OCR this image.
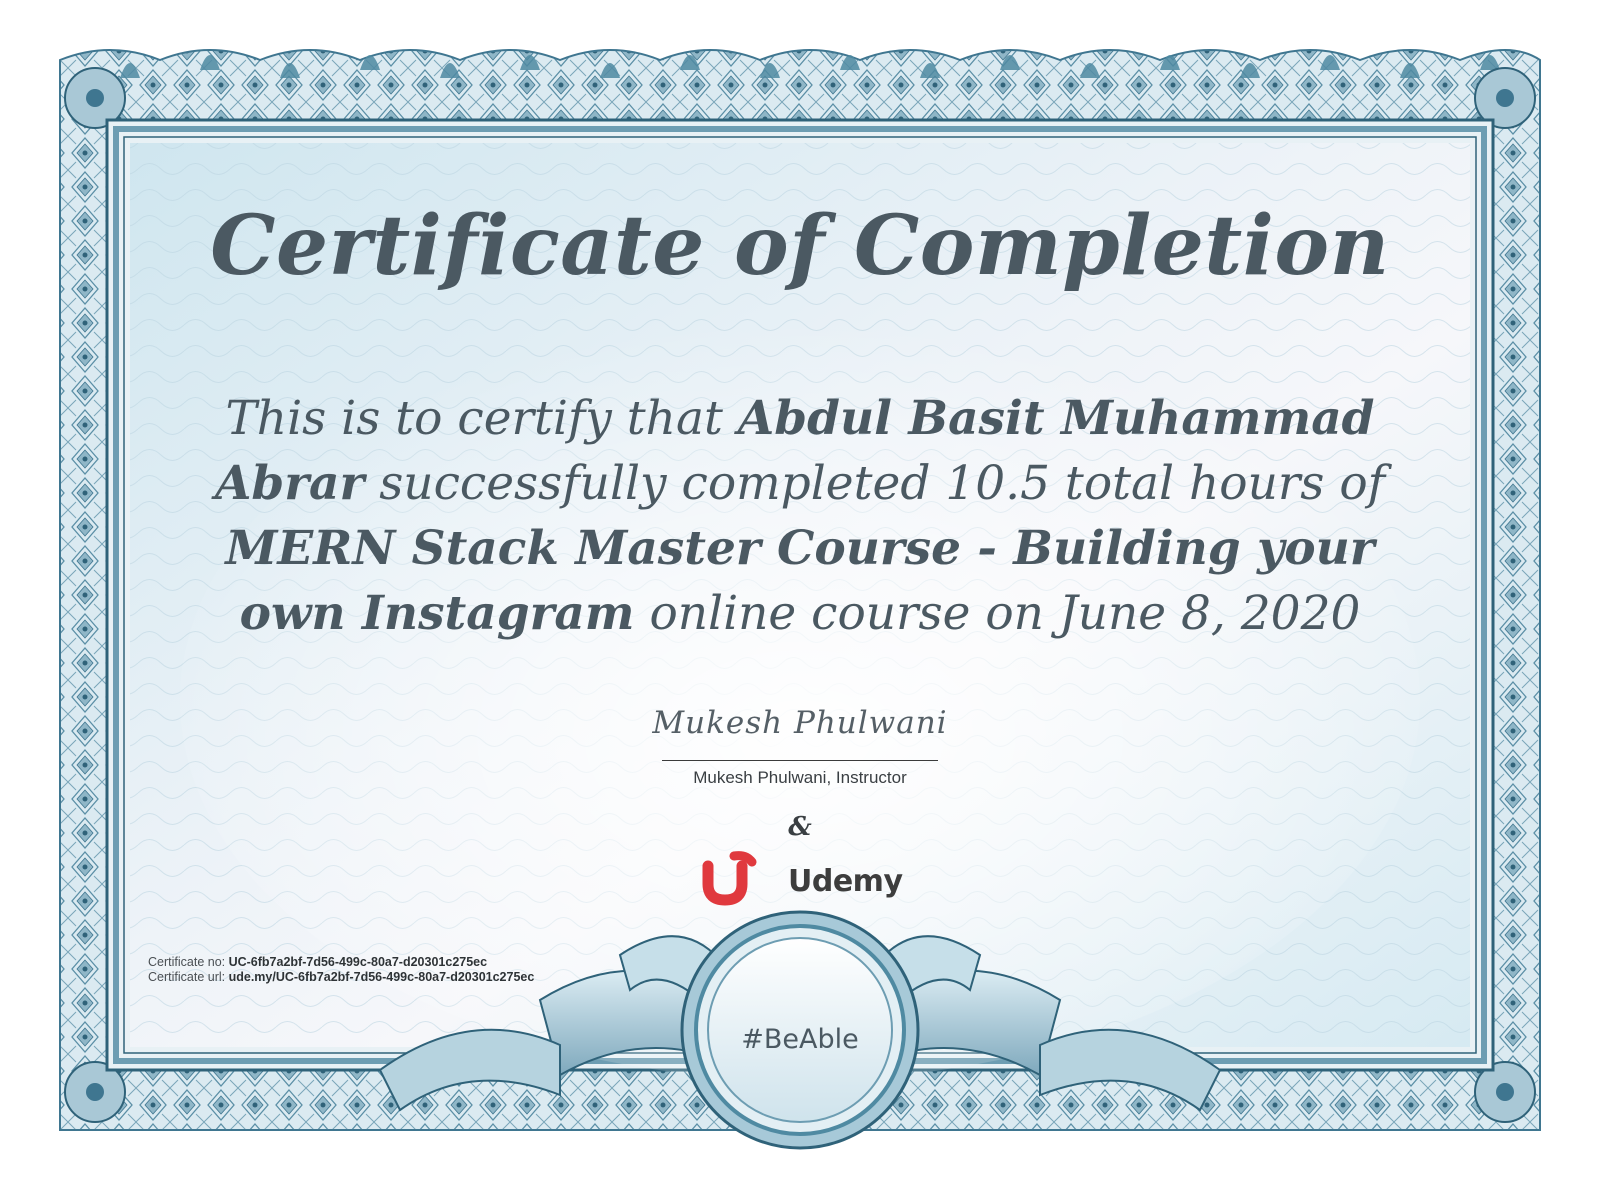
Certificate of Completion

This is to certify that Abdul Basit Muhammad Abrar successfully completed 10.5 total hours of MERN Stack Master Course - Building your own Instagram online course on June 8, 2020

Mukesh Phulwani
Mukesh Phulwani, Instructor
&
Udemy
Certificate no: UC-6fb7a2bf-7d56-499c-80a7-d20301c275ec
Certificate url: ude.my/UC-6fb7a2bf-7d56-499c-80a7-d20301c275ec
#BeAble
